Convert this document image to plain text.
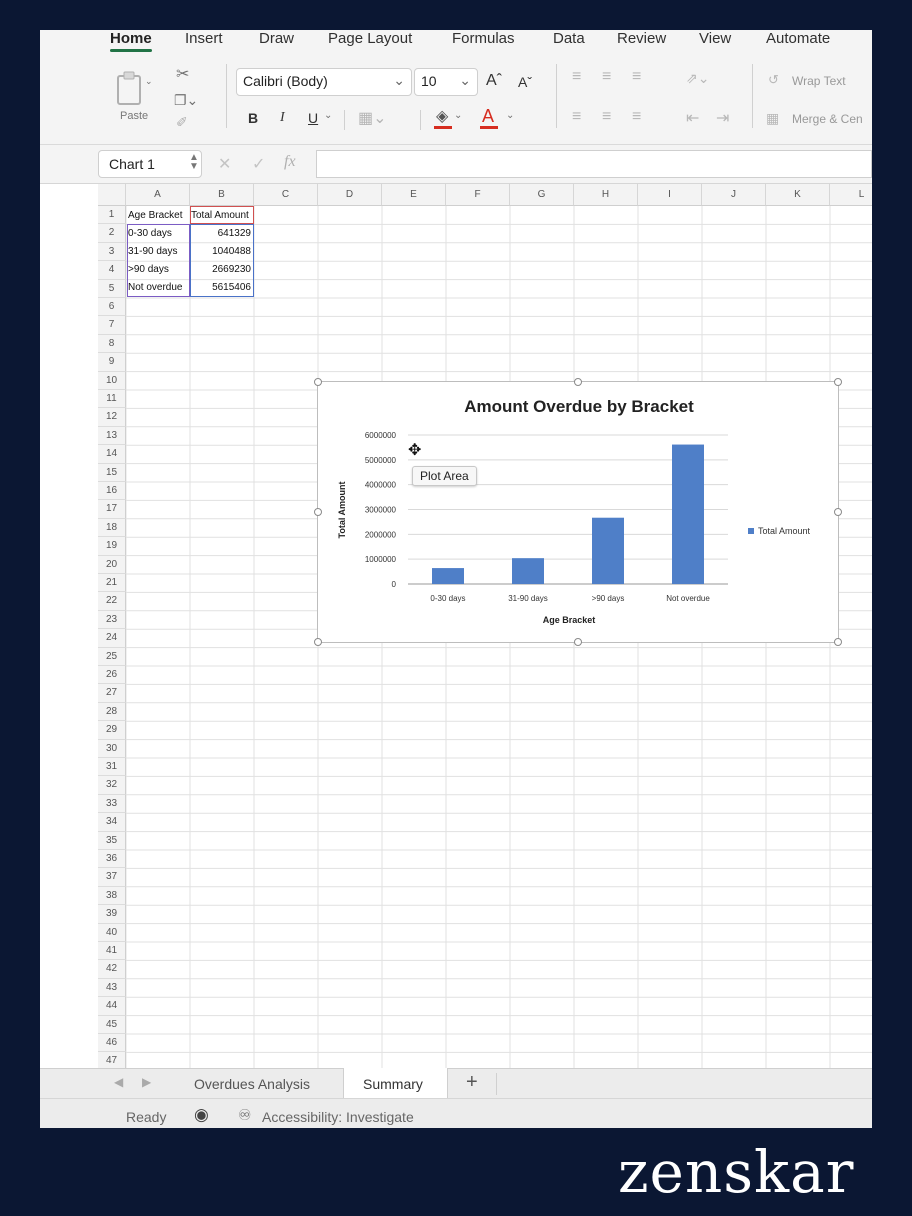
Home Insert Draw Page Layout	Formulas	Data Review View Automate
⌄
Paste
✂
❐⌄
✐
Calibri (Body)	⌄	10 ⌄ Aˆ Aˇ
B I U ⌄ ▦⌄	◈ ⌄ A ⌄
≡ ≡ ≡	⇗⌄
≡ ≡ ≡	⇤ ⇥
↺ Wrap Text
▦ Merge & Cen
Chart 1	▲
▼ ✕ ✓ fx
A	B	C	D	E	F	G	H	I	J	K	L
1
2
3
4
5
6
7
8
9
10
11
12
13
14
15
16
17
18
19
20
21
22
23
24
25
26
27
28
29
30
31
32
33
34
35
36
37
38
39
40
41
42
43
44
45
46
47
Age Bracket Total Amount
0-30 days	641329
31-90 days	1040488
>90 days	2669230
Not overdue	5615406
Amount Overdue by Bracket
Age Bracket
Total Amount
0
1000000
2000000
3000000
4000000
5000000
6000000
0-30 days	31-90 days	>90 days	Not overdue
Total Amount
✥
Plot Area
◀ ▶	Overdues Analysis	Summary +
Ready ◉ ♾ Accessibility: Investigate
zenskar
